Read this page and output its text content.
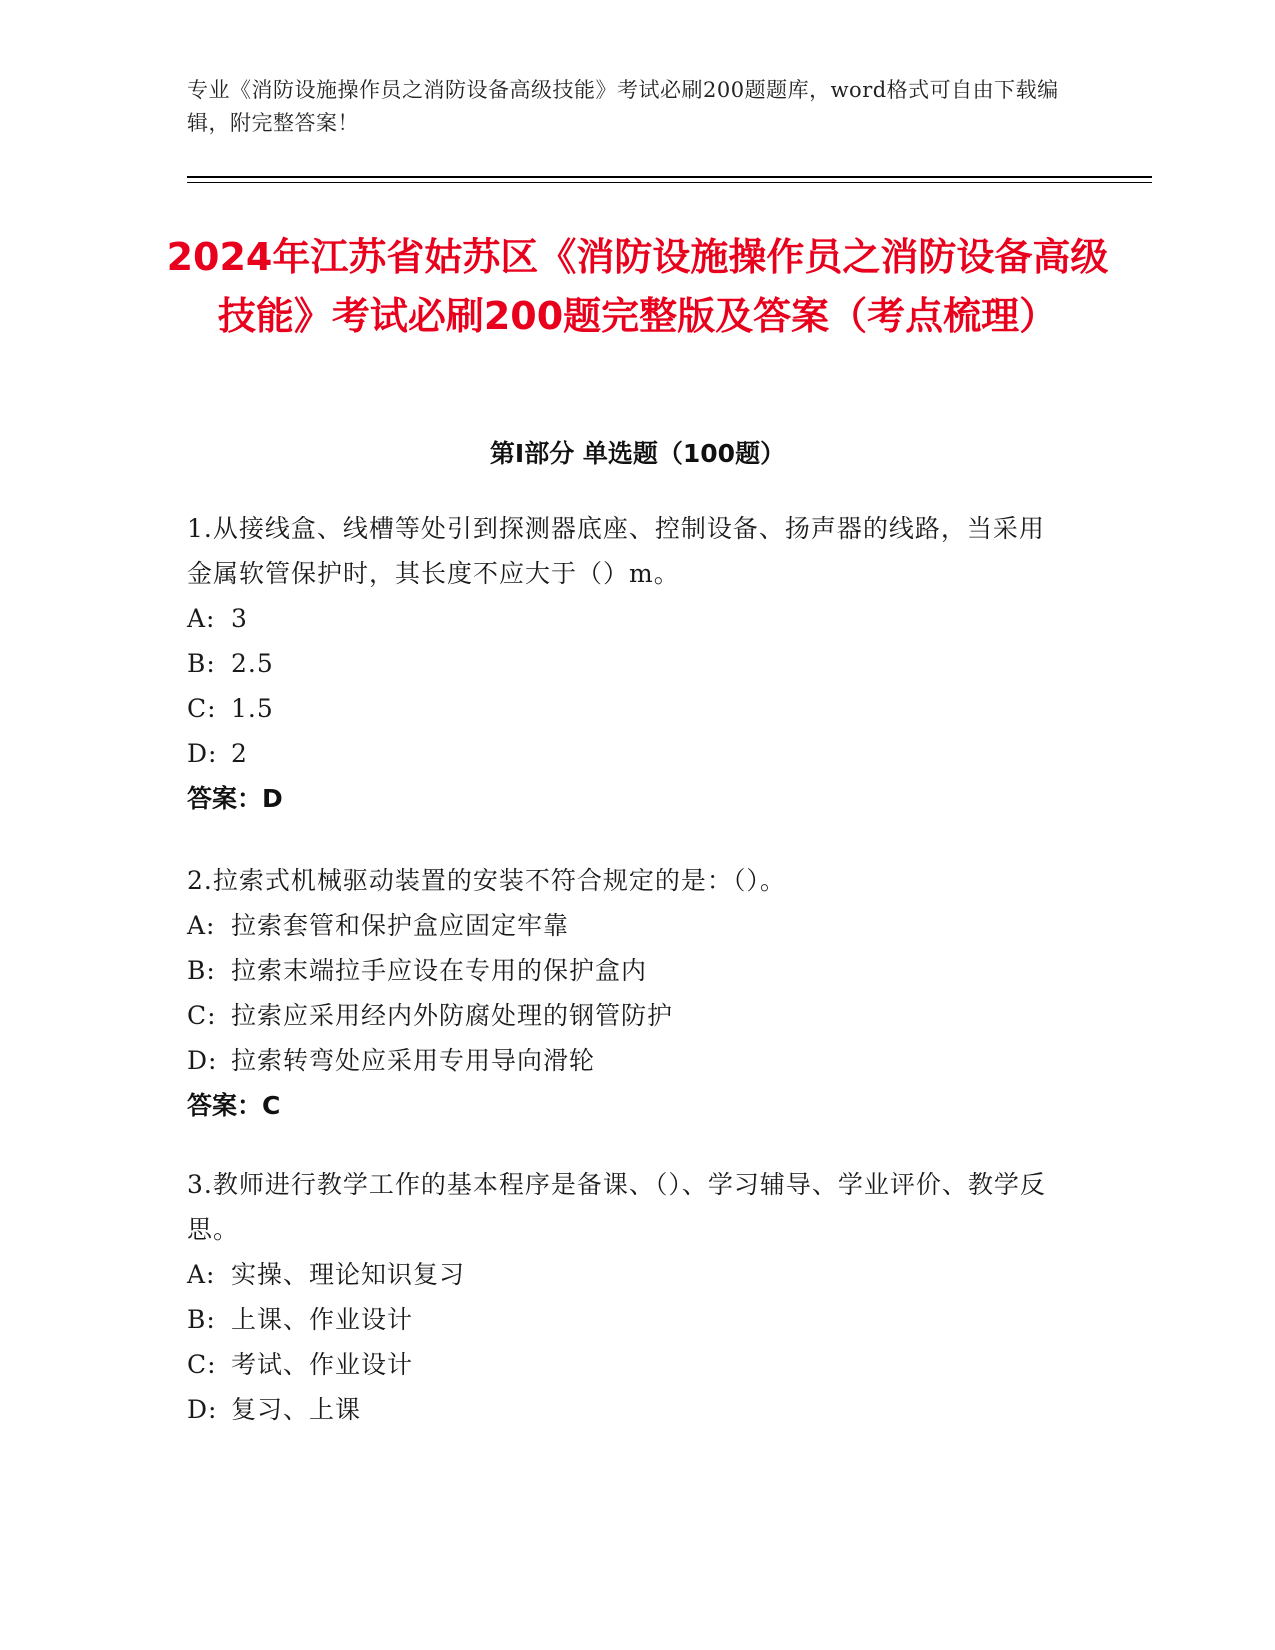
专业《消防设施操作员之消防设备高级技能》考试必刷200题题库，word格式可自由下载编辑，附完整答案！
2024年江苏省姑苏区《消防设施操作员之消防设备高级技能》考试必刷200题完整版及答案（考点梳理）
第Ⅰ部分 单选题（100题）

1.从接线盒、线槽等处引到探测器底座、控制设备、扬声器的线路，当采用金属软管保护时，其长度不应大于（）m。

A: 3

B: 2.5

C: 1.5

D: 2

答案：D

2.拉索式机械驱动装置的安装不符合规定的是：（）。

A: 拉索套管和保护盒应固定牢靠

B: 拉索末端拉手应设在专用的保护盒内

C: 拉索应采用经内外防腐处理的钢管防护

D: 拉索转弯处应采用专用导向滑轮

答案：C

3.教师进行教学工作的基本程序是备课、（）、学习辅导、学业评价、教学反思。

A: 实操、理论知识复习

B: 上课、作业设计

C: 考试、作业设计

D: 复习、上课
